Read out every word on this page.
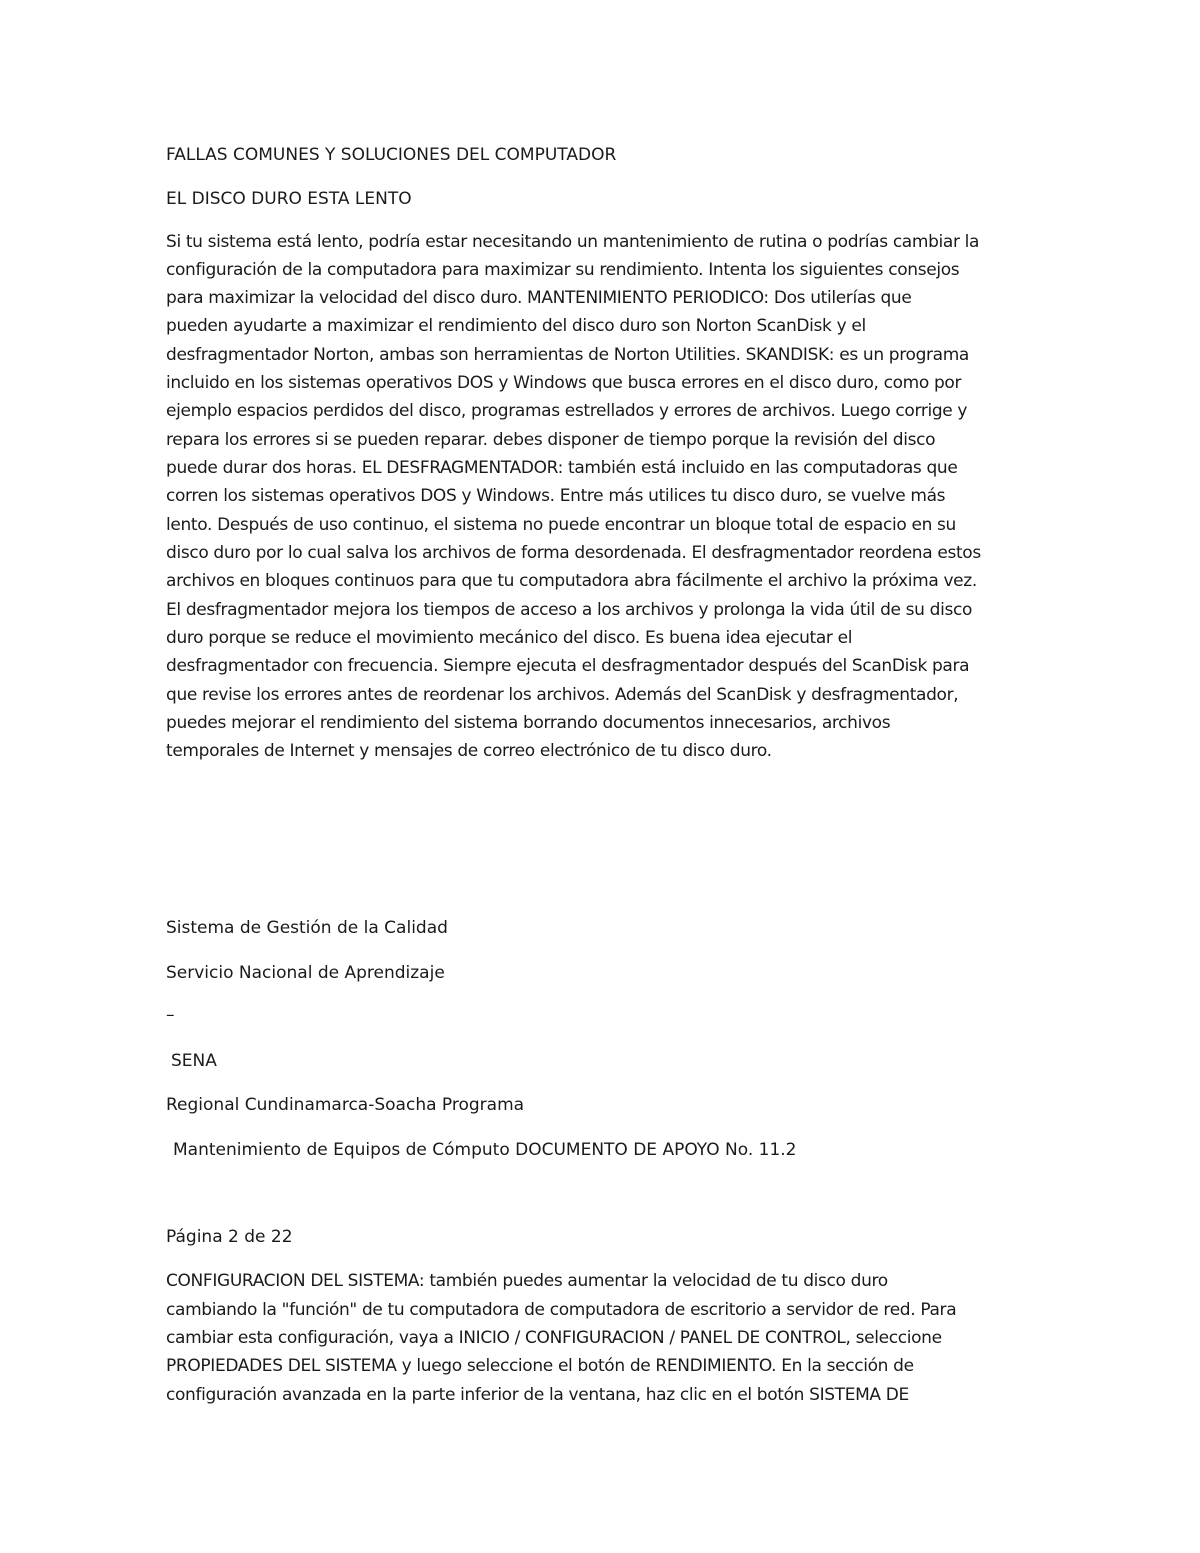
FALLAS COMUNES Y SOLUCIONES DEL COMPUTADOR
EL DISCO DURO ESTA LENTO
Si tu sistema está lento, podría estar necesitando un mantenimiento de rutina o podrías cambiar la
configuración de la computadora para maximizar su rendimiento. Intenta los siguientes consejos
para maximizar la velocidad del disco duro. MANTENIMIENTO PERIODICO: Dos utilerías que
pueden ayudarte a maximizar el rendimiento del disco duro son Norton ScanDisk y el
desfragmentador Norton, ambas son herramientas de Norton Utilities. SKANDISK: es un programa
incluido en los sistemas operativos DOS y Windows que busca errores en el disco duro, como por
ejemplo espacios perdidos del disco, programas estrellados y errores de archivos. Luego corrige y
repara los errores si se pueden reparar. debes disponer de tiempo porque la revisión del disco
puede durar dos horas. EL DESFRAGMENTADOR: también está incluido en las computadoras que
corren los sistemas operativos DOS y Windows. Entre más utilices tu disco duro, se vuelve más
lento. Después de uso continuo, el sistema no puede encontrar un bloque total de espacio en su
disco duro por lo cual salva los archivos de forma desordenada. El desfragmentador reordena estos
archivos en bloques continuos para que tu computadora abra fácilmente el archivo la próxima vez.
El desfragmentador mejora los tiempos de acceso a los archivos y prolonga la vida útil de su disco
duro porque se reduce el movimiento mecánico del disco. Es buena idea ejecutar el
desfragmentador con frecuencia. Siempre ejecuta el desfragmentador después del ScanDisk para
que revise los errores antes de reordenar los archivos. Además del ScanDisk y desfragmentador,
puedes mejorar el rendimiento del sistema borrando documentos innecesarios, archivos
temporales de Internet y mensajes de correo electrónico de tu disco duro.
Sistema de Gestión de la Calidad
Servicio Nacional de Aprendizaje
–
SENA
Regional Cundinamarca-Soacha Programa
Mantenimiento de Equipos de Cómputo DOCUMENTO DE APOYO No. 11.2
Página 2 de 22
CONFIGURACION DEL SISTEMA: también puedes aumentar la velocidad de tu disco duro
cambiando la "función" de tu computadora de computadora de escritorio a servidor de red. Para
cambiar esta configuración, vaya a INICIO / CONFIGURACION / PANEL DE CONTROL, seleccione
PROPIEDADES DEL SISTEMA y luego seleccione el botón de RENDIMIENTO. En la sección de
configuración avanzada en la parte inferior de la ventana, haz clic en el botón SISTEMA DE
